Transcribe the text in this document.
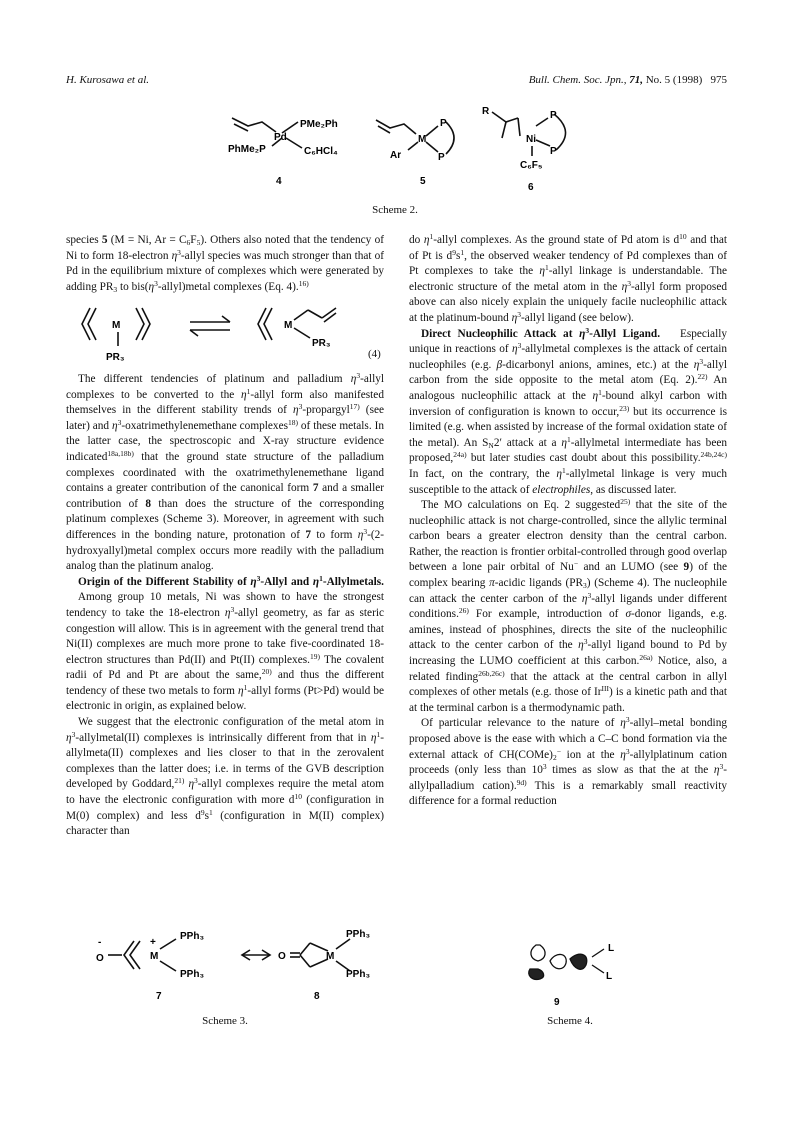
H. Kurosawa et al.	Bull. Chem. Soc. Jpn., 71, No. 5 (1998) 975
Pd
PMe₂Ph
PhMe₂P	C₆HCl₄
4
M
P
P
Ar
5
R
Ni
P
P
C₆F₅
6
Scheme 2.

species 5 (M = Ni, $Ar = C_6F_5$). Others also noted that the tendency of Ni to form 18-electron $\eta^3$-allyl species was much stronger than that of Pd in the equilibrium mixture of complexes which were generated by adding $PR_3$ to $bis(\eta^3-allyl)metal$ complexes (Eq. 4).$^{16)}$

M
PR₃
M
PR₃
(4)

The different tendencies of platinum and palladium $\eta^3$-allyl complexes to be converted to the $\eta^1$-allyl form also manifested themselves in the different stability trends of $\eta^3-propargyl^{17)}$ (see later) and $\eta^3$-oxatrimethylenemethane complexes$^{18)}$ of these metals. In the latter case, the spectroscopic and X-ray structure evidence indicated$^{18a,18b)}$ that the ground state structure of the palladium complexes coordinated with the oxatrimethylenemethane ligand contains a greater contribution of the canonical form 7 and a smaller contribution of 8 than does the structure of the corresponding platinum complexes (Scheme 3). Moreover, in agreement with such differences in the bonding nature, protonation of 7 to form $\eta^3-(2-hydroxyallyl)metal$ complex occurs more readily with the palladium analog than the platinum analog.

Origin of the Different Stability of $\eta^3$-Allyl and $\eta^1$-Allylmetals.   Among group 10 metals, Ni was shown to have the strongest tendency to take the 18-electron $\eta^3$-allyl geometry, as far as steric congestion will allow. This is in agreement with the general trend that Ni(II) complexes are much more prone to take five-coordinated 18-electron structures than Pd(II) and Pt(II) complexes.$^{19)}$ The covalent radii of Pd and Pt are about the same,$^{20)}$ and thus the different tendency of these two metals to form $\eta^1$-allyl forms (Pt>Pd) would be electronic in origin, as explained below.

We suggest that the electronic configuration of the metal atom in $\eta^3-allylmetal(II)$ complexes is intrinsically different from that in $\eta^1-allylmeta(II)$ complexes and lies closer to that in the zerovalent complexes than the latter does; i.e. in terms of the GVB description developed by Goddard,$^{21)}$ $\eta^3$-allyl complexes require the metal atom to have the electronic configuration with more $d^{10}$ (configuration in M(0) complex) and less $d^9s^1$ (configuration in M(II) complex) character than

O
-
M
+
PPh₃
PPh₃
O	M
PPh₃
PPh₃
7	8
Scheme 3.

do $\eta^1$-allyl complexes. As the ground state of Pd atom is $d^{10}$ and that of Pt is $d^9s^1$, the observed weaker tendency of Pd complexes than of Pt complexes to take the $\eta^1$-allyl linkage is understandable. The electronic structure of the metal atom in the $\eta^3$-allyl form proposed above can also nicely explain the uniquely facile nucleophilic attack at the platinum-bound $\eta^3$-allyl ligand (see below).

Direct Nucleophilic Attack at $\eta^3$-Allyl Ligand.   Especially unique in reactions of $\eta^3$-allylmetal complexes is the attack of certain nucleophiles (e.g. β-dicarbonyl anions, amines, etc.) at the $\eta^3$-allyl carbon from the side opposite to the metal atom (Eq. 2).$^{22)}$ An analogous nucleophilic attack at the $\eta^1$-bound alkyl carbon with inversion of configuration is known to occur,$^{23)}$ but its occurrence is limited (e.g. when assisted by increase of the formal oxidation state of the metal). An $S_N2'$ attack at a $\eta^1$-allylmetal intermediate has been proposed,$^{24a)}$ but later studies cast doubt about this possibility.$^{24b,24c)}$ In fact, on the contrary, the $\eta^1$-allylmetal linkage is very much susceptible to the attack of electrophiles, as discussed later.

The MO calculations on Eq. 2 suggested$^{25)}$ that the site of the nucleophilic attack is not charge-controlled, since the allylic terminal carbon bears a greater electron density than the central carbon. Rather, the reaction is frontier orbital-controlled through good overlap between a lone pair orbital of Nu− and an LUMO (see 9) of the complex bearing π-acidic ligands $(PR_3)$ (Scheme 4). The nucleophile can attack the center carbon of the $\eta^3$-allyl ligands under different conditions.$^{26)}$ For example, introduction of σ-donor ligands, e.g. amines, instead of phosphines, directs the site of the nucleophilic attack to the center carbon of the $\eta^3$-allyl ligand bound to Pd by increasing the LUMO coefficient at this carbon.$^{26a)}$ Notice, also, a related finding$^{26b,26c)}$ that the attack at the central carbon in allyl complexes of other metals (e.g. those of $Ir^{III}$) is a kinetic path and that at the terminal carbon is a thermodynamic path.

Of particular relevance to the nature of $\eta^3-allyl$–metal bonding proposed above is the ease with which a C–C bond formation via the external attack of $CH(COMe)_2^-$ ion at the $\eta^3$-allylplatinum cation proceeds (only less than $10^3$ times as slow as that the at the $\eta^3$-allylpalladium cation).$^{9d)}$ This is a remarkably small reactivity difference for a formal reduction

L
L
9
Scheme 4.
